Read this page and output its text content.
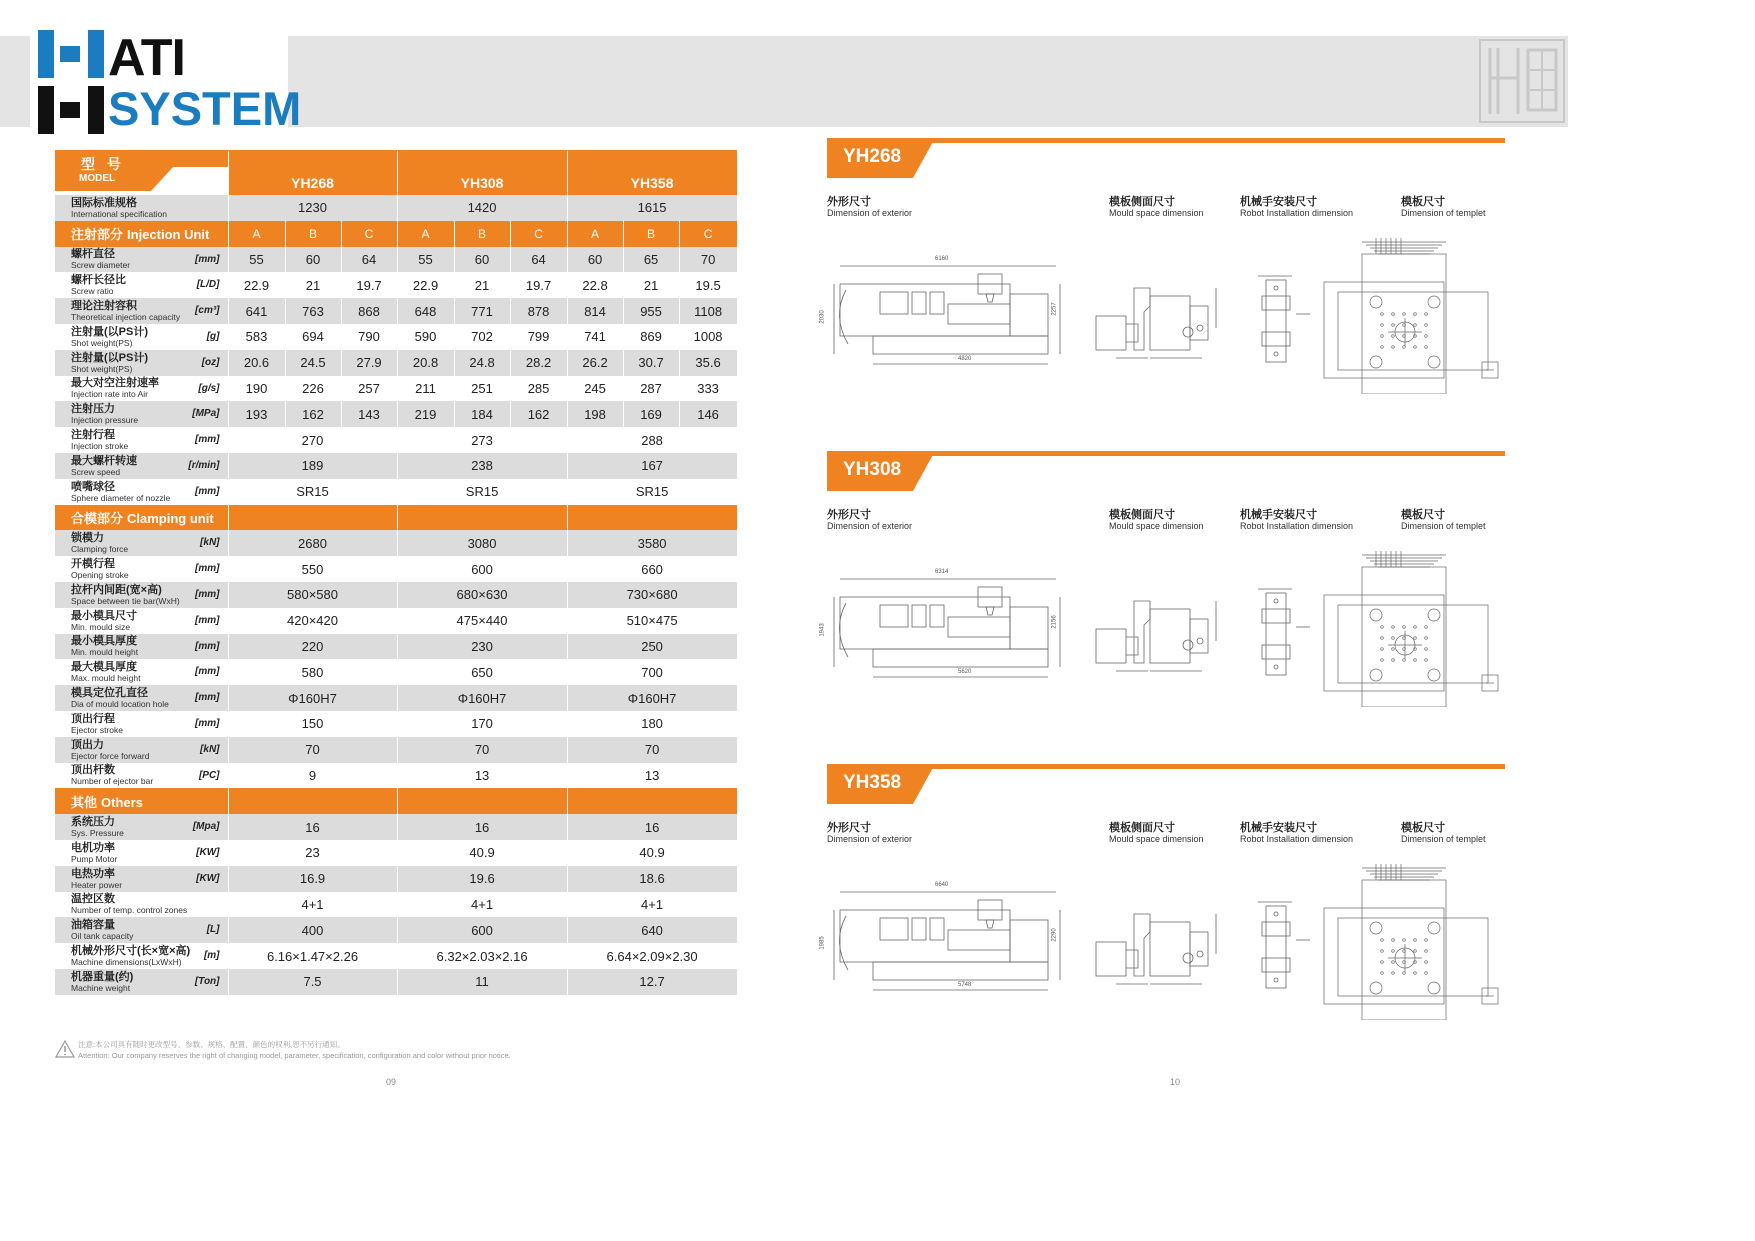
ATI
SYSTEM
型 号
MODEL	YH268			YH308			YH358		

国际标准规格
International specification	1230			1420			1615		
注射部分 Injection Unit	A	B	C	A	B	C	A	B	C

螺杆直径
Screw diameter
[mm]	55	60	64	55	60	64	60	65	70

螺杆长径比
Screw ratio
[L/D]	22.9	21	19.7	22.9	21	19.7	22.8	21	19.5

理论注射容积
Theoretical injection capacity
[cm³]	641	763	868	648	771	878	814	955	1108

注射量(以PS计)
Shot weight(PS)
[g]	583	694	790	590	702	799	741	869	1008

注射量(以PS计)
Shot weight(PS)
[oz]	20.6	24.5	27.9	20.8	24.8	28.2	26.2	30.7	35.6

最大对空注射速率
Injection rate into Air
[g/s]	190	226	257	211	251	285	245	287	333

注射压力
Injection pressure
[MPa]	193	162	143	219	184	162	198	169	146

注射行程
Injection stroke
[mm]	270			273			288		

最大螺杆转速
Screw speed
[r/min]	189			238			167		

喷嘴球径
Sphere diameter of nozzle
[mm]	SR15			SR15			SR15		
合模部分 Clamping unit									

锁模力
Clamping force
[kN]	2680			3080			3580		

开模行程
Opening stroke
[mm]	550			600			660		

拉杆内间距(宽×高)
Space between tie bar(WxH)
[mm]	580×580			680×630			730×680		

最小模具尺寸
Min. mould size
[mm]	420×420			475×440			510×475		

最小模具厚度
Min. mould height
[mm]	220			230			250		

最大模具厚度
Max. mould height
[mm]	580			650			700		

模具定位孔直径
Dia of mould location hole
[mm]	Φ160H7			Φ160H7			Φ160H7		

顶出行程
Ejector stroke
[mm]	150			170			180		

顶出力
Ejector force forward
[kN]	70			70			70		

顶出杆数
Number of ejector bar
[PC]	9			13			13		
其他 Others									

系统压力
Sys. Pressure
[Mpa]	16			16			16		

电机功率
Pump Motor
[KW]	23			40.9			40.9		

电热功率
Heater power
[KW]	16.9			19.6			18.6		

温控区数
Number of temp. control zones	4+1			4+1			4+1		

油箱容量
Oil tank capacity
[L]	400			600			640		

机械外形尺寸(长×宽×高)
Machine dimensions(LxWxH)
[m]	6.16×1.47×2.26			6.32×2.03×2.16			6.64×2.09×2.30		

机器重量(约)
Machine weight
[Ton]	7.5			11			12.7		
YH268
外形尺寸
Dimension of exterior
模板侧面尺寸
Mould space dimension
机械手安装尺寸
Robot Installation dimension
模板尺寸
Dimension of templet
6160
4820
2257
2030
YH308
外形尺寸
Dimension of exterior
模板侧面尺寸
Mould space dimension
机械手安装尺寸
Robot Installation dimension
模板尺寸
Dimension of templet
6314
5620
2156
1943
YH358
外形尺寸
Dimension of exterior
模板侧面尺寸
Mould space dimension
机械手安装尺寸
Robot Installation dimension
模板尺寸
Dimension of templet
6640
5748
2290
1985
注意:本公司具有随时更改型号、参数、规格、配置、颜色的权利,恕不另行通知。
Attention: Our company reserves the right of changing model, parameter, specification, configuration and color without prior notice.
09	10
